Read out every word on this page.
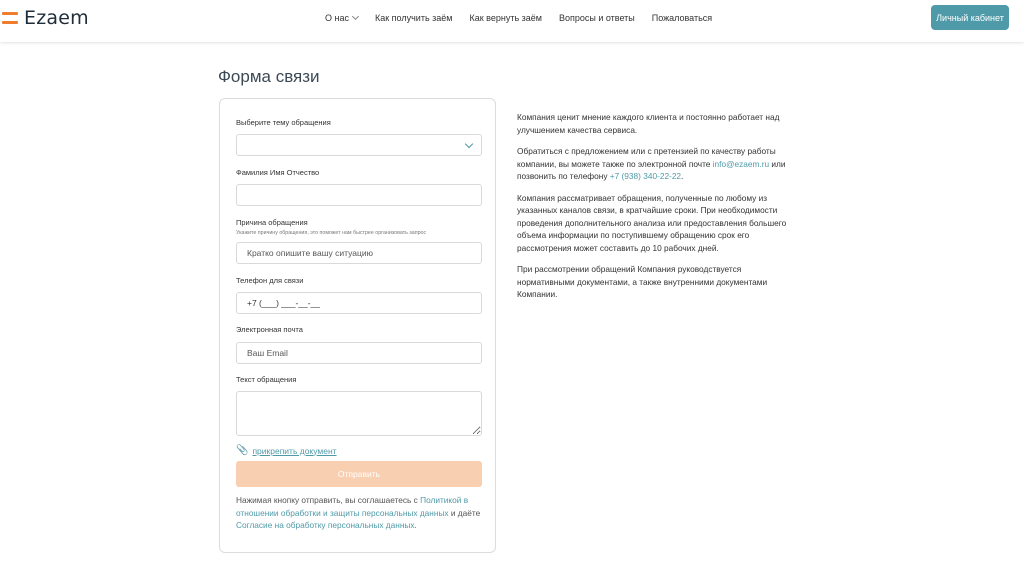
Ezaem	О нас	Как получить заём Как вернуть заём Вопросы и ответы Пожаловаться	Личный кабинет
Форма связи
Выберите тему обращения
Фамилия Имя Отчество
Причина обращения
Укажите причину обращения, это поможет нам быстрее организовать запрос
Кратко опишите вашу ситуацию
Телефон для связи
+7 (___) ___-__-__
Электронная почта
Ваш Email
Текст обращения
📎 прикрепить документ
Отправить
Нажимая кнопку отправить, вы соглашаетесь с Политикой в отношении обработки и защиты персональных данных и даёте Согласие на обработку персональных данных.

Компания ценит мнение каждого клиента и постоянно работает над улучшением качества сервиса.

Обратиться с предложением или с претензией по качеству работы компании, вы можете также по электронной почте info@ezaem.ru или позвонить по телефону +7 (938) 340-22-22.

Компания рассматривает обращения, полученные по любому из указанных каналов связи, в кратчайшие сроки. При необходимости проведения дополнительного анализа или предоставления большего объема информации по поступившему обращению срок его рассмотрения может составить до 10 рабочих дней.

При рассмотрении обращений Компания руководствуется нормативными документами, а также внутренними документами Компании.
